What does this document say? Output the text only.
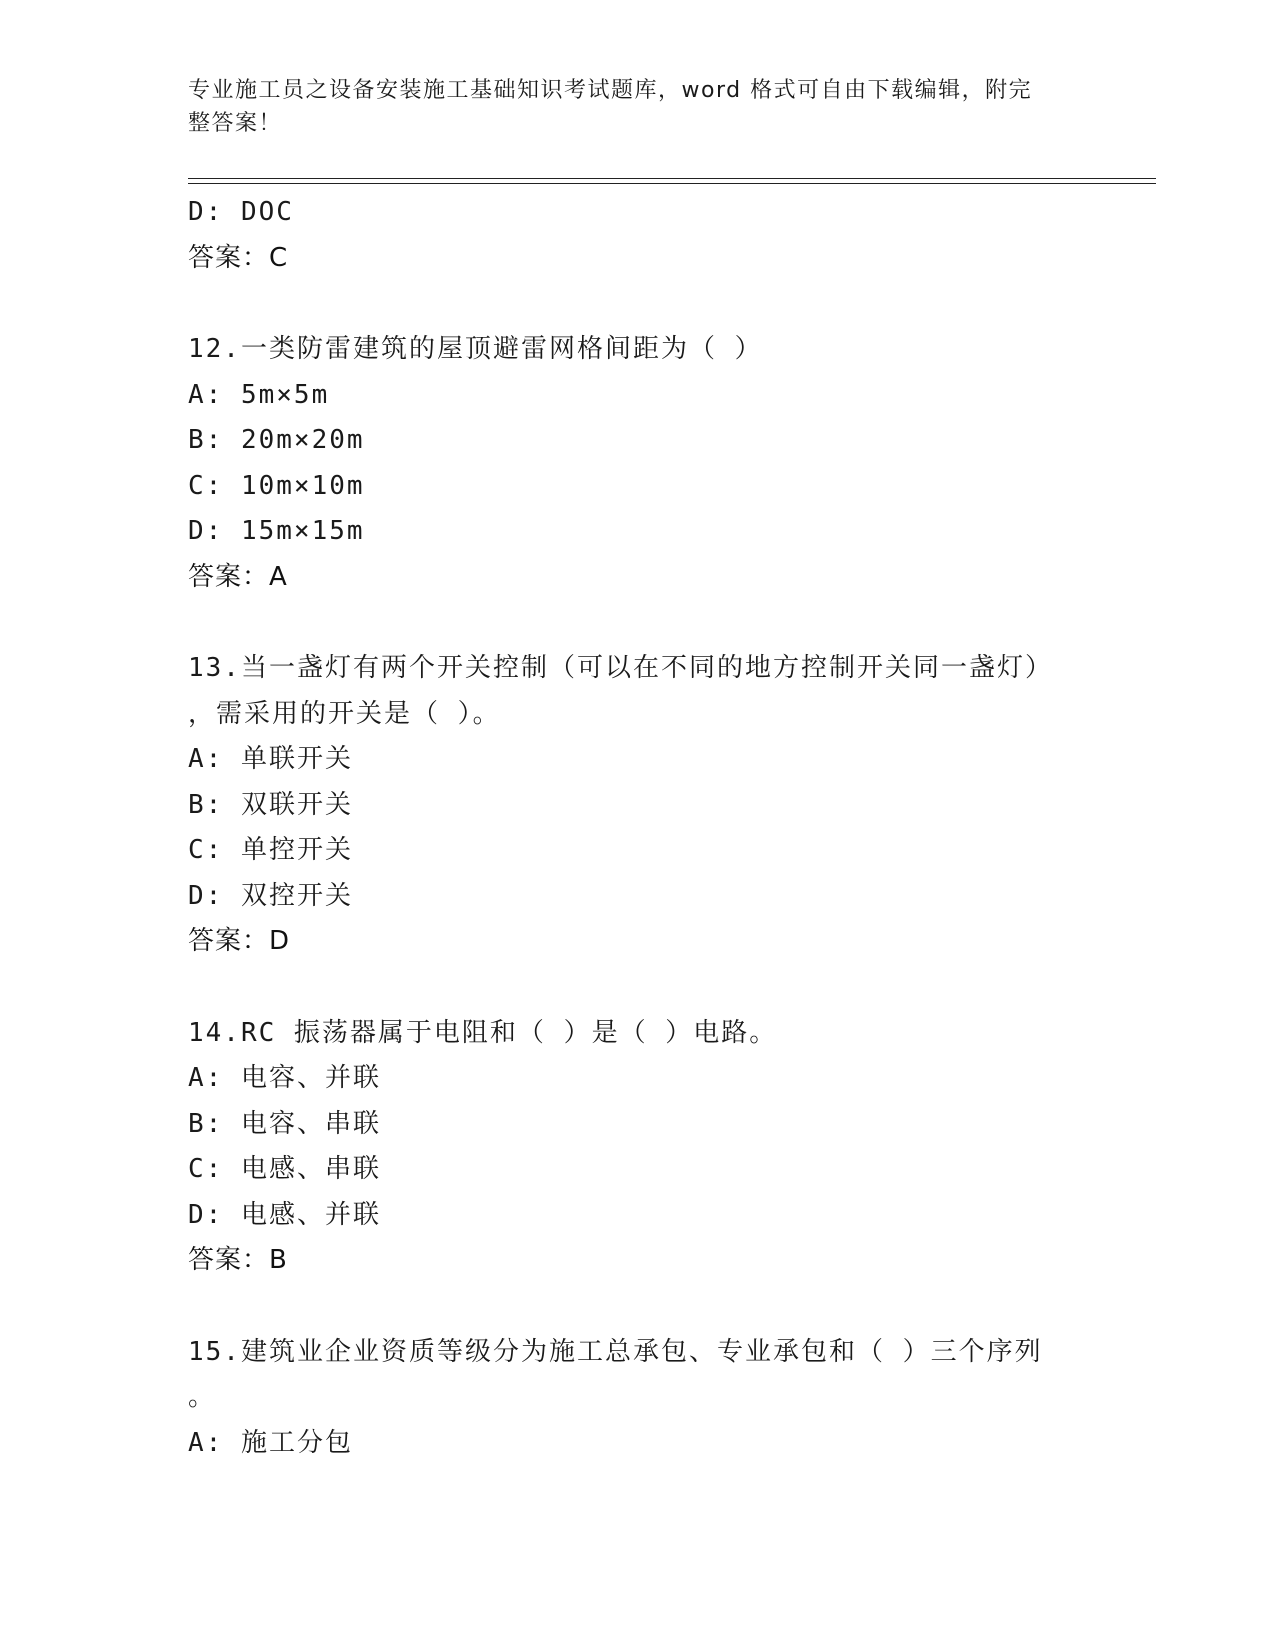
专业施工员之设备安装施工基础知识考试题库，word 格式可自由下载编辑，附完
整答案！
D: DOC
答案：C
12.一类防雷建筑的屋顶避雷网格间距为（ ）
A: 5m×5m
B: 20m×20m
C: 10m×10m
D: 15m×15m
答案：A
13.当一盏灯有两个开关控制（可以在不同的地方控制开关同一盏灯）
，需采用的开关是（ ）。
A: 单联开关
B: 双联开关
C: 单控开关
D: 双控开关
答案：D
14.RC 振荡器属于电阻和（ ）是（ ）电路。
A: 电容、并联
B: 电容、串联
C: 电感、串联
D: 电感、并联
答案：B
15.建筑业企业资质等级分为施工总承包、专业承包和（ ）三个序列
。
A: 施工分包
